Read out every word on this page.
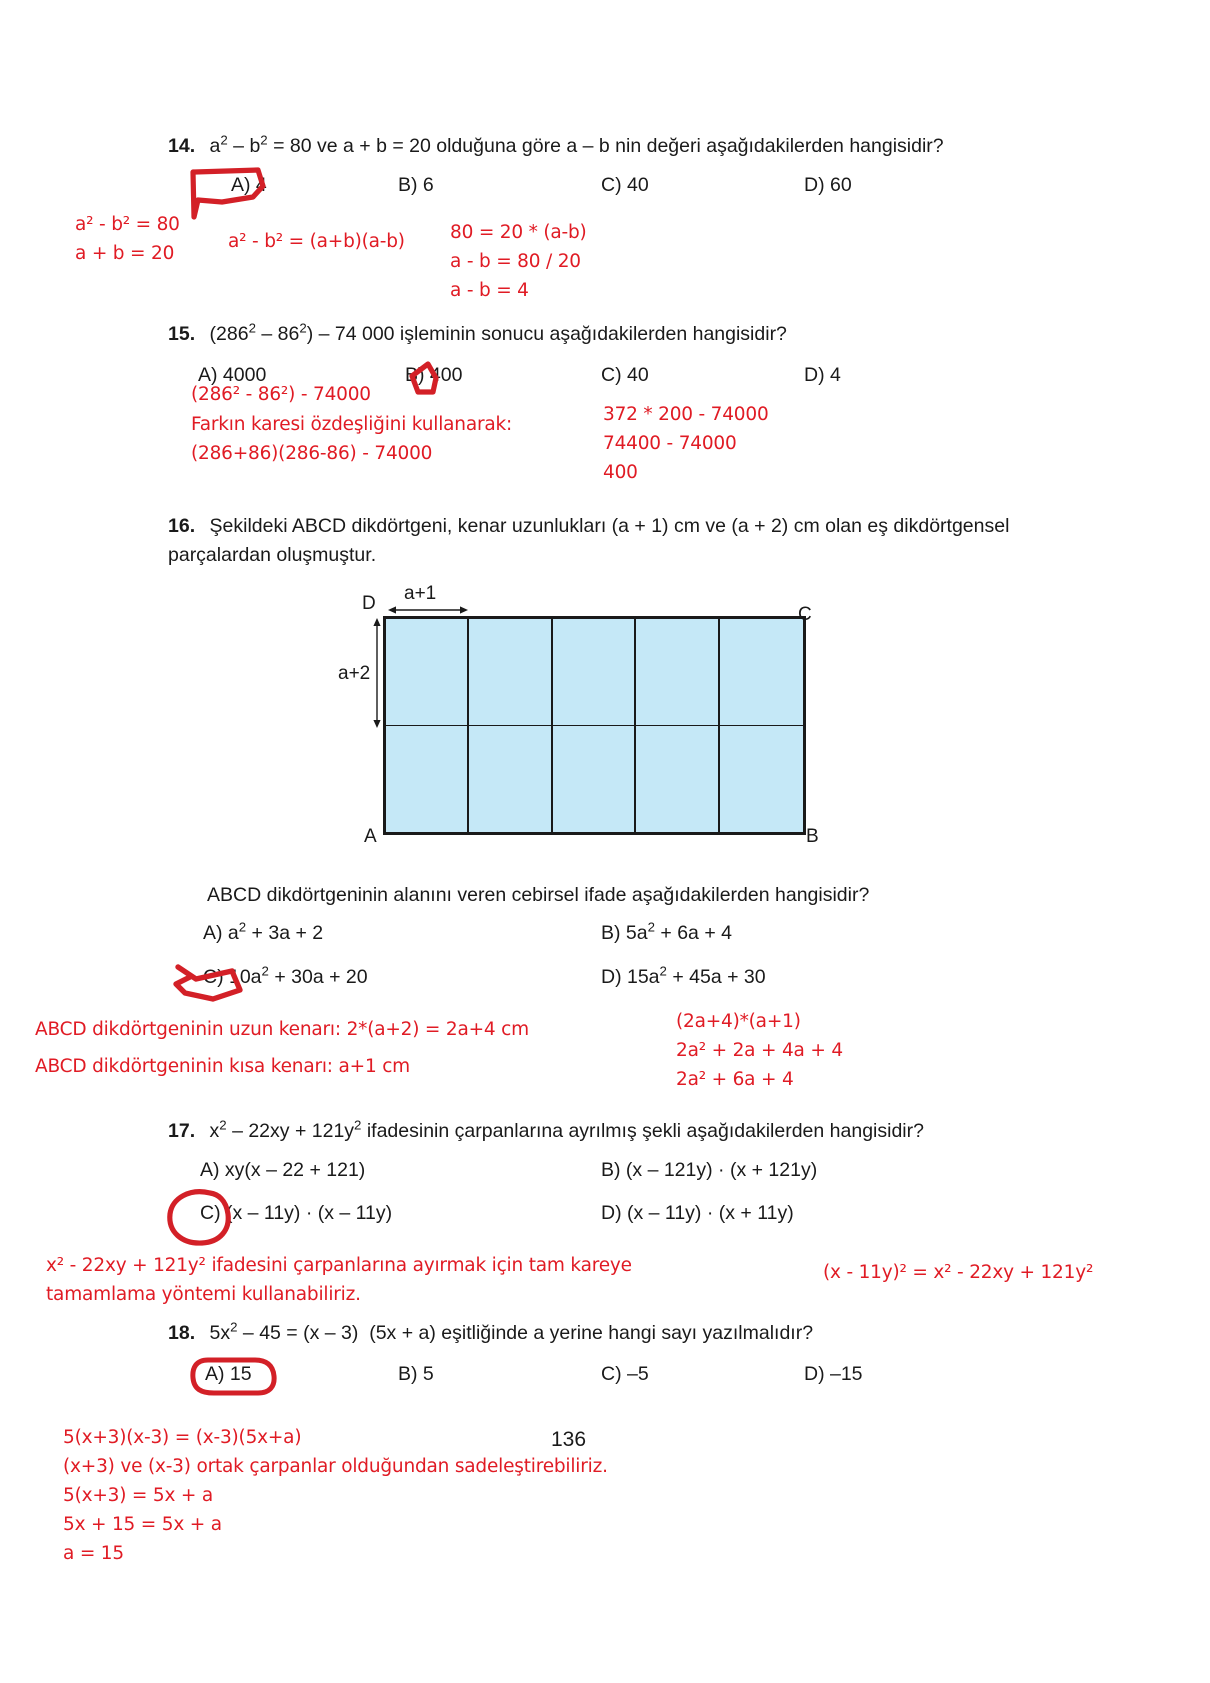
14. $a^2 - b^2 = 80$ ve a + b = 20 olduğuna göre a – b nin değeri aşağıdakilerden hangisidir?
A) 4	B) 6	C) 40	D) 60
a² - b² = 80
a + b = 20
a² - b² = (a+b)(a-b) 80 = 20 * (a-b)
a - b = 80 / 20
a - b = 4
15. $(286^2 - 86^2) - 74$ 000 işleminin sonucu aşağıdakilerden hangisidir?
A) 4000	B) 400	C) 40	D) 4
(286² - 86²) - 74000
Farkın karesi özdeşliğini kullanarak:
(286+86)(286-86) - 74000
372 * 200 - 74000
74400 - 74000
400
16. Şekildeki ABCD dikdörtgeni, kenar uzunlukları (a + 1) cm ve (a + 2) cm olan eş dikdörtgensel parçalardan oluşmuştur.
D
C
A	B
a+1
a+2
ABCD dikdörtgeninin alanını veren cebirsel ifade aşağıdakilerden hangisidir?
A) $a^2 + 3a + 2$	B) $5a^2 + 6a + 4$
C) $10a^2 + 30a + 20$	D) $15a^2 + 45a + 30$
ABCD dikdörtgeninin uzun kenarı: 2*(a+2) = 2a+4 cm
ABCD dikdörtgeninin kısa kenarı: a+1 cm
(2a+4)*(a+1)
2a² + 2a + 4a + 4
2a² + 6a + 4
17. $x^2 - 22xy + 121y^2$ ifadesinin çarpanlarına ayrılmış şekli aşağıdakilerden hangisidir?
A) xy(x – 22 + 121)	B) (x – 121y) · (x + 121y)
C) (x – 11y) · (x – 11y)	D) (x – 11y) · (x + 11y)
x² - 22xy + 121y² ifadesini çarpanlarına ayırmak için tam kareye
tamamlama yöntemi kullanabiliriz.
(x - 11y)² = x² - 22xy + 121y²
18. $5x^2 - 45 = (x - 3) (5x + a)$ eşitliğinde a yerine hangi sayı yazılmalıdır?
A) 15	B) 5	C) –5	D) –15
5(x+3)(x-3) = (x-3)(5x+a)
(x+3) ve (x-3) ortak çarpanlar olduğundan sadeleştirebiliriz.
5(x+3) = 5x + a
5x + 15 = 5x + a
a = 15
136
